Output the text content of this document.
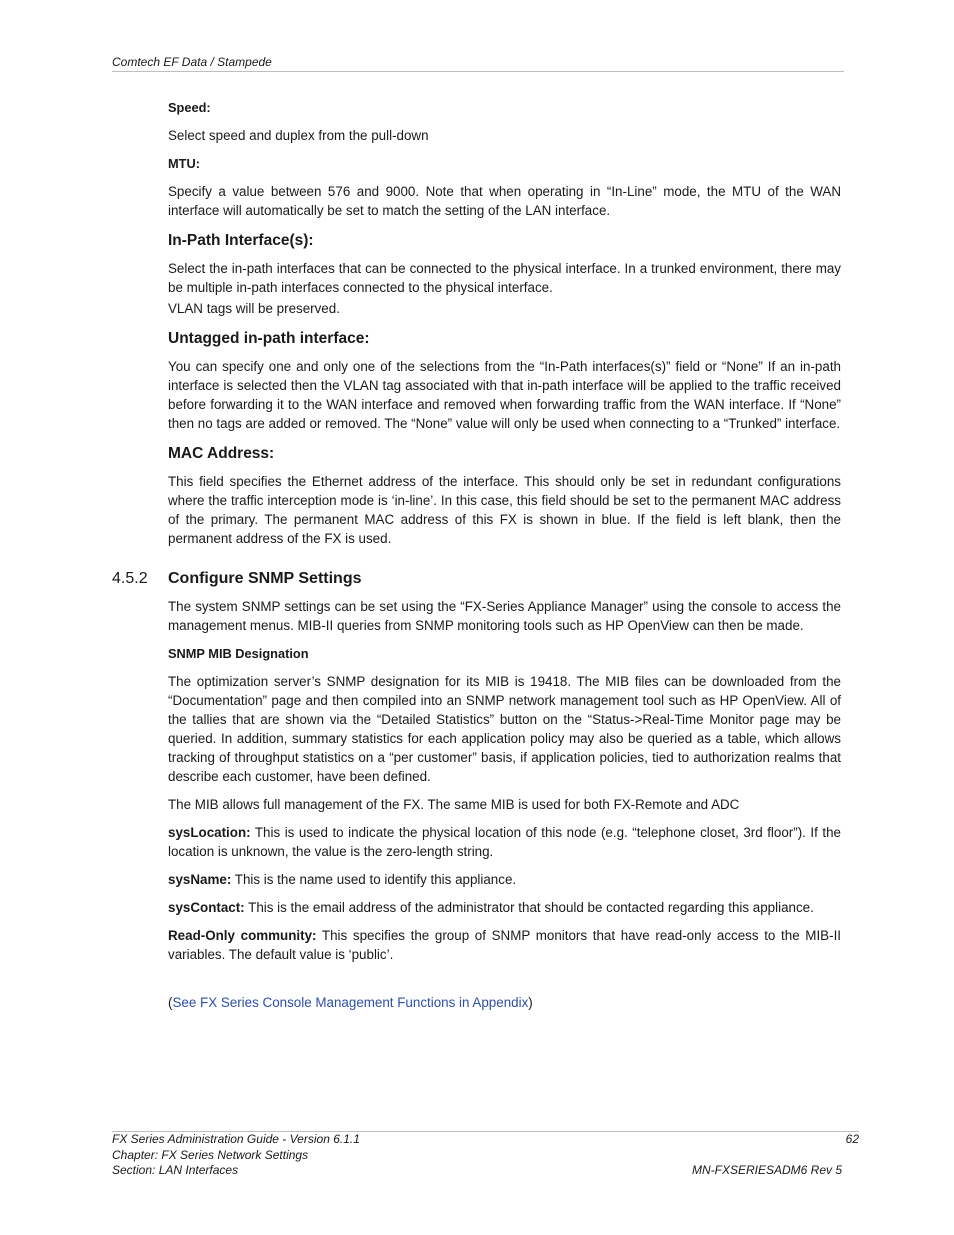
Comtech EF Data / Stampede
Speed:

Select speed and duplex from the pull-down

MTU:

Specify a value between 576 and 9000. Note that when operating in “In-Line” mode, the MTU of the WAN interface will automatically be set to match the setting of the LAN interface.

In-Path Interface(s):

Select the in-path interfaces that can be connected to the physical interface. In a trunked environment, there may be multiple in-path interfaces connected to the physical interface.

VLAN tags will be preserved.

Untagged in-path interface:

You can specify one and only one of the selections from the “In-Path interfaces(s)” field or “None” If an in-path interface is selected then the VLAN tag associated with that in-path interface will be applied to the traffic received before forwarding it to the WAN interface and removed when forwarding traffic from the WAN interface. If “None” then no tags are added or removed. The “None” value will only be used when connecting to a “Trunked” interface.

MAC Address:

This field specifies the Ethernet address of the interface. This should only be set in redundant configurations where the traffic interception mode is ‘in-line’. In this case, this field should be set to the permanent MAC address of the primary. The permanent MAC address of this FX is shown in blue. If the field is left blank, then the permanent address of the FX is used.

4.5.2 Configure SNMP Settings

The system SNMP settings can be set using the “FX-Series Appliance Manager” using the console to access the management menus. MIB-II queries from SNMP monitoring tools such as HP OpenView can then be made.

SNMP MIB Designation

The optimization server’s SNMP designation for its MIB is 19418. The MIB files can be downloaded from the “Documentation” page and then compiled into an SNMP network management tool such as HP OpenView. All of the tallies that are shown via the “Detailed Statistics” button on the “Status->Real-Time Monitor page may be queried. In addition, summary statistics for each application policy may also be queried as a table, which allows tracking of throughput statistics on a “per customer” basis, if application policies, tied to authorization realms that describe each customer, have been defined.

The MIB allows full management of the FX. The same MIB is used for both FX-Remote and ADC

sysLocation: This is used to indicate the physical location of this node (e.g. “telephone closet, 3rd floor”). If the location is unknown, the value is the zero-length string.

sysName: This is the name used to identify this appliance.

sysContact: This is the email address of the administrator that should be contacted regarding this appliance.

Read-Only community: This specifies the group of SNMP monitors that have read-only access to the MIB-II variables. The default value is ‘public’.

(See FX Series Console Management Functions in Appendix)

FX Series Administration Guide - Version 6.1.1	62
Chapter: FX Series Network Settings
Section: LAN Interfaces	MN-FXSERIESADM6 Rev 5
